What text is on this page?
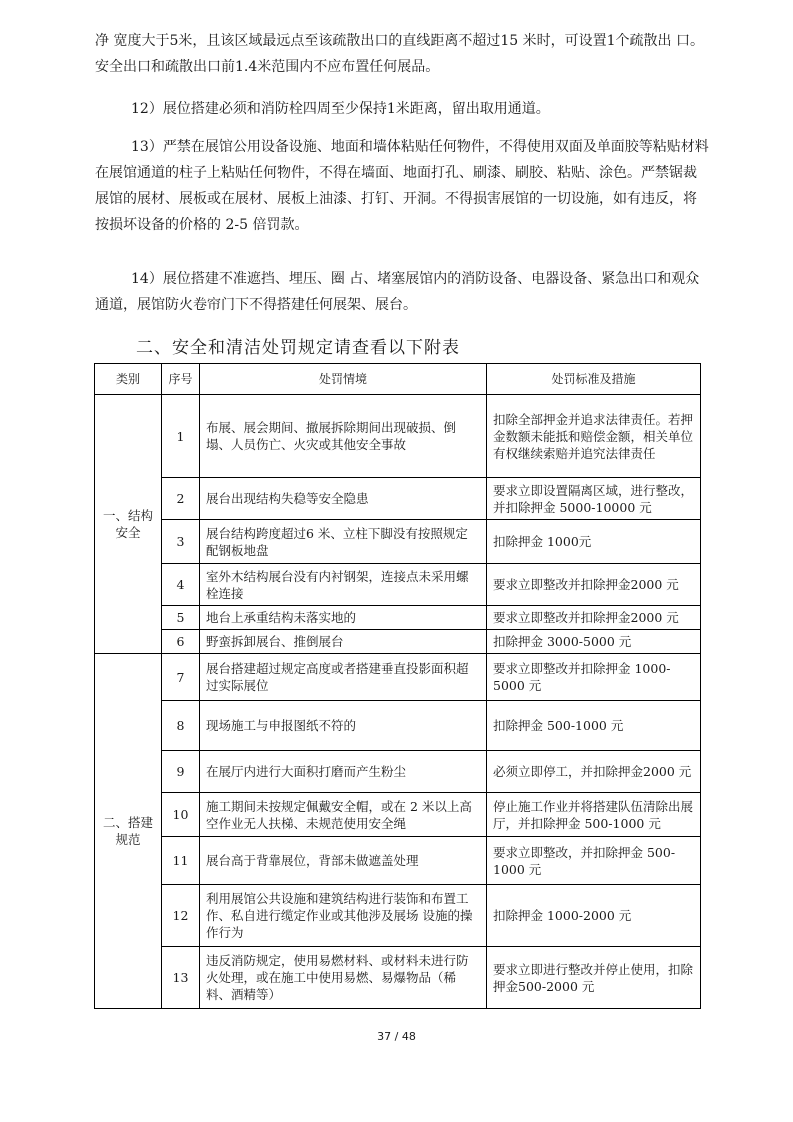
净 宽度大于5米，且该区域最远点至该疏散出口的直线距离不超过15 米时，可设置1个疏散出 口。安全出口和疏散出口前1.4米范围内不应布置任何展品。

12）展位搭建必须和消防栓四周至少保持1米距离，留出取用通道。

13）严禁在展馆公用设备设施、地面和墙体粘贴任何物件，不得使用双面及单面胶等粘贴材料在展馆通道的柱子上粘贴任何物件，不得在墙面、地面打孔、刷漆、刷胶、粘贴、涂色。严禁锯裁展馆的展材、展板或在展材、展板上油漆、打钉、开洞。不得损害展馆的一切设施，如有违反，将按损坏设备的价格的 2-5 倍罚款。

14）展位搭建不准遮挡、埋压、圈 占、堵塞展馆内的消防设备、电器设备、紧急出口和观众通道，展馆防火卷帘门下不得搭建任何展架、展台。

二、安全和清洁处罚规定请查看以下附表
类别	序号	处罚情境	处罚标准及措施
一、结构安全	1	布展、展会期间、撤展拆除期间出现破损、倒塌、人员伤亡、火灾或其他安全事故	扣除全部押金并追求法律责任。若押金数额未能抵和赔偿金额，相关单位有权继续索赔并追究法律责任
	2	展台出现结构失稳等安全隐患	要求立即设置隔离区域，进行整改，并扣除押金 5000-10000 元
	3	展台结构跨度超过6 米、立柱下脚没有按照规定配钢板地盘	扣除押金 1000元
	4	室外木结构展台没有内衬钢架，连接点未采用螺栓连接	要求立即整改并扣除押金2000 元
	5	地台上承重结构未落实地的	要求立即整改并扣除押金2000 元
	6	野蛮拆卸展台、推倒展台	扣除押金 3000-5000 元
二、搭建规范	7	展台搭建超过规定高度或者搭建垂直投影面积超过实际展位	要求立即整改并扣除押金 1000-5000 元
	8	现场施工与申报图纸不符的	扣除押金 500-1000 元
	9	在展厅内进行大面积打磨而产生粉尘	必须立即停工，并扣除押金2000 元
	10	施工期间未按规定佩戴安全帽，或在 2 米以上高空作业无人扶梯、未规范使用安全绳	停止施工作业并将搭建队伍清除出展厅，并扣除押金 500-1000 元
	11	展台高于背靠展位，背部未做遮盖处理	要求立即整改，并扣除押金 500-1000 元
	12	利用展馆公共设施和建筑结构进行装饰和布置工作、私自进行缆定作业或其他涉及展场 设施的操作行为	扣除押金 1000-2000 元
	13	违反消防规定，使用易燃材料、或材料未进行防火处理，或在施工中使用易燃、易爆物品（稀料、酒精等）	要求立即进行整改并停止使用，扣除押金500-2000 元
37 / 48
